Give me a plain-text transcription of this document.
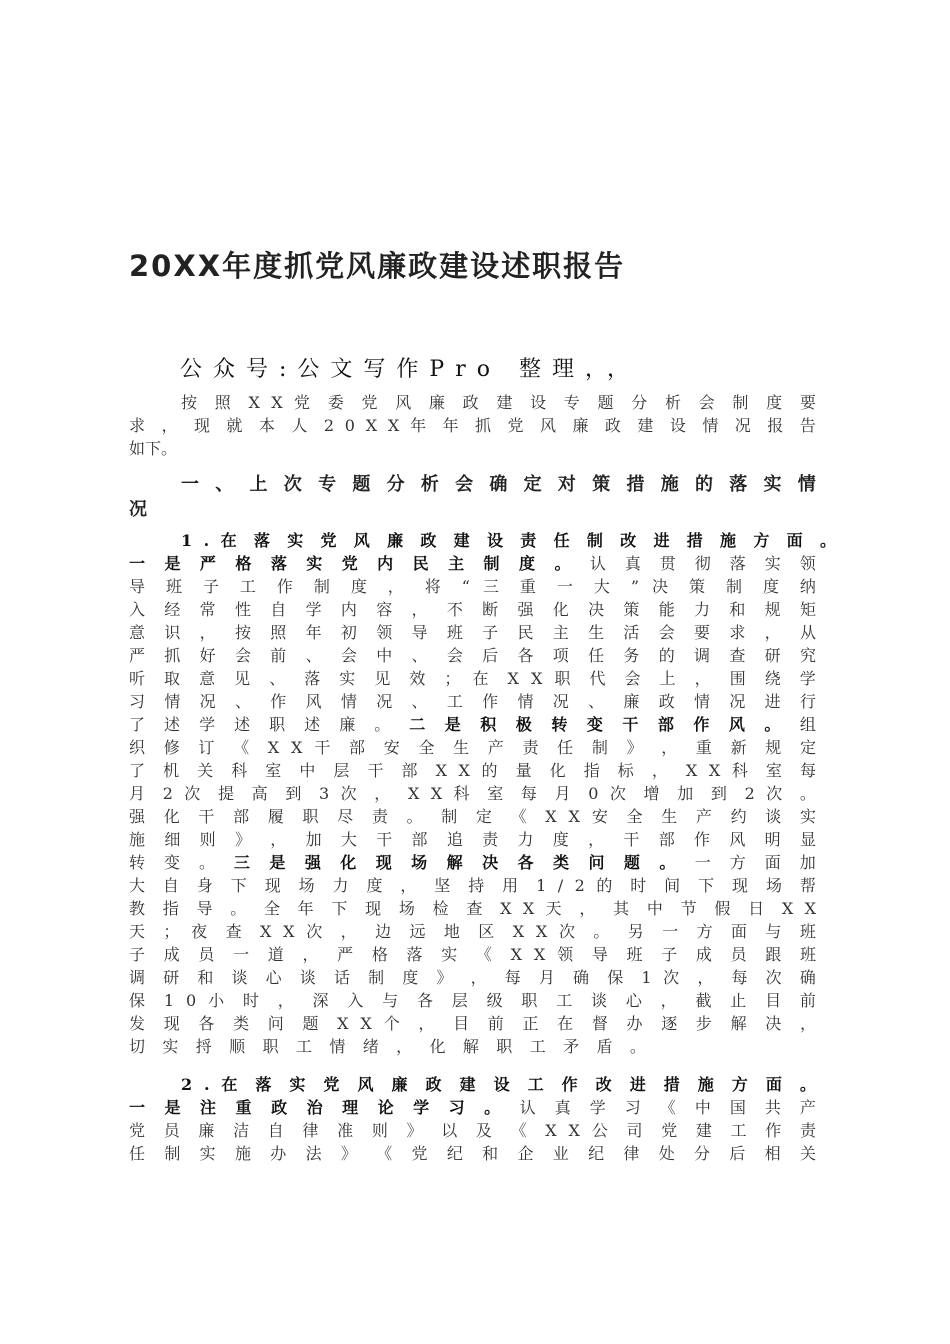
20XX年度抓党风廉政建设述职报告

公众号:公文写作Pro 整理，，

按 照 X X 党 委 党 风 廉 政 建 设 专 题 分 析 会 制 度 要
求 ， 现 就 本 人 2 0 X X 年 年 抓 党 风 廉 政 建 设 情 况 报 告
如下。
一 、 上 次 专 题 分 析 会 确 定 对 策 措 施 的 落 实 情
况
1 . 在 落 实 党 风 廉 政 建 设 责 任 制 改 进 措 施 方 面 。
一 是 严 格 落 实 党 内 民 主 制 度 。 认 真 贯 彻 落 实 领
导 班 子 工 作 制 度 ， 将 “ 三 重 一 大 ” 决 策 制 度 纳
入 经 常 性 自 学 内 容 ， 不 断 强 化 决 策 能 力 和 规 矩
意 识 ， 按 照 年 初 领 导 班 子 民 主 生 活 会 要 求 ， 从
严 抓 好 会 前 、 会 中 、 会 后 各 项 任 务 的 调 查 研 究
听 取 意 见 、 落 实 见 效 ； 在 X X 职 代 会 上 ， 围 绕 学
习 情 况 、 作 风 情 况 、 工 作 情 况 、 廉 政 情 况 进 行
了 述 学 述 职 述 廉 。 二 是 积 极 转 变 干 部 作 风 。 组
织 修 订 《 X X 干 部 安 全 生 产 责 任 制 》 ， 重 新 规 定
了 机 关 科 室 中 层 干 部 X X 的 量 化 指 标 ， X X 科 室 每
月 2 次 提 高 到 3 次 ， X X 科 室 每 月 0 次 增 加 到 2 次 。
强 化 干 部 履 职 尽 责 。 制 定 《 X X 安 全 生 产 约 谈 实
施 细 则 》 ， 加 大 干 部 追 责 力 度 ， 干 部 作 风 明 显
转 变 。 三 是 强 化 现 场 解 决 各 类 问 题 。 一 方 面 加
大 自 身 下 现 场 力 度 ， 坚 持 用 1 / 2 的 时 间 下 现 场 帮
教 指 导 。 全 年 下 现 场 检 查 X X 天 ， 其 中 节 假 日 X X
天 ； 夜 查 X X 次 ， 边 远 地 区 X X 次 。 另 一 方 面 与 班
子 成 员 一 道 ， 严 格 落 实 《 X X 领 导 班 子 成 员 跟 班
调 研 和 谈 心 谈 话 制 度 》 ， 每 月 确 保 1 次 ， 每 次 确
保 1 0 小 时 ， 深 入 与 各 层 级 职 工 谈 心 ， 截 止 目 前
发 现 各 类 问 题 X X 个 ， 目 前 正 在 督 办 逐 步 解 决 ，
切 实 捋 顺 职 工 情 绪 ， 化 解 职 工 矛 盾 。
2 . 在 落 实 党 风 廉 政 建 设 工 作 改 进 措 施 方 面 。
一 是 注 重 政 治 理 论 学 习 。 认 真 学 习 《 中 国 共 产
党 员 廉 洁 自 律 准 则 》 以 及 《 X X 公 司 党 建 工 作 责
任 制 实 施 办 法 》 《 党 纪 和 企 业 纪 律 处 分 后 相 关
